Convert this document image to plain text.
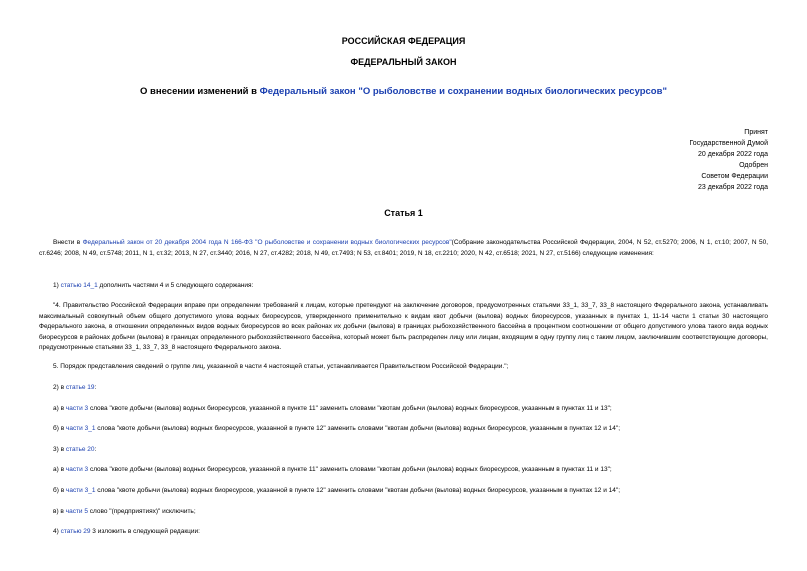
РОССИЙСКАЯ ФЕДЕРАЦИЯ
ФЕДЕРАЛЬНЫЙ ЗАКОН
О внесении изменений в Федеральный закон "О рыболовстве и сохранении водных биологических ресурсов"
Принят
Государственной Думой
20 декабря 2022 года
Одобрен
Советом Федерации
23 декабря 2022 года
Статья 1
Внести в Федеральный закон от 20 декабря 2004 года N 166-ФЗ "О рыболовстве и сохранении водных биологических ресурсов"(Собрание законодательства Российской Федерации, 2004, N 52, ст.5270; 2006, N 1, ст.10; 2007, N 50, ст.6246; 2008, N 49, ст.5748; 2011, N 1, ст.32; 2013, N 27, ст.3440; 2016, N 27, ст.4282; 2018, N 49, ст.7493; N 53, ст.8401; 2019, N 18, ст.2210; 2020, N 42, ст.6518; 2021, N 27, ст.5166) следующие изменения:
1) статью 14_1 дополнить частями 4 и 5 следующего содержания:
"4. Правительство Российской Федерации вправе при определении требований к лицам, которые претендуют на заключение договоров, предусмотренных статьями 33_1, 33_7, 33_8 настоящего Федерального закона, устанавливать максимальный совокупный объем общего допустимого улова водных биоресурсов, утвержденного применительно к видам квот добычи (вылова) водных биоресурсов, указанных в пунктах 1, 11-14 части 1 статьи 30 настоящего Федерального закона, в отношении определенных видов водных биоресурсов во всех районах их добычи (вылова) в границах рыбохозяйственного бассейна в процентном соотношении от общего допустимого улова такого вида водных биоресурсов в районах добычи (вылова) в границах определенного рыбохозяйственного бассейна, который может быть распределен лицу или лицам, входящим в одну группу лиц с таким лицом, заключившим соответствующие договоры, предусмотренные статьями 33_1, 33_7, 33_8 настоящего Федерального закона.
5. Порядок представления сведений о группе лиц, указанной в части 4 настоящей статьи, устанавливается Правительством Российской Федерации.";
2) в статье 19:
а) в части 3 слова "квоте добычи (вылова) водных биоресурсов, указанной в пункте 11" заменить словами "квотам добычи (вылова) водных биоресурсов, указанным в пунктах 11 и 13";
б) в части 3_1 слова "квоте добычи (вылова) водных биоресурсов, указанной в пункте 12" заменить словами "квотам добычи (вылова) водных биоресурсов, указанным в пунктах 12 и 14";
3) в статье 20:
а) в части 3 слова "квоте добычи (вылова) водных биоресурсов, указанной в пункте 11" заменить словами "квотам добычи (вылова) водных биоресурсов, указанным в пунктах 11 и 13";
б) в части 3_1 слова "квоте добычи (вылова) водных биоресурсов, указанной в пункте 12" заменить словами "квотам добычи (вылова) водных биоресурсов, указанным в пунктах 12 и 14";
в) в части 5 слово "(предприятиях)" исключить;
4) статью 29 3 изложить в следующей редакции:
